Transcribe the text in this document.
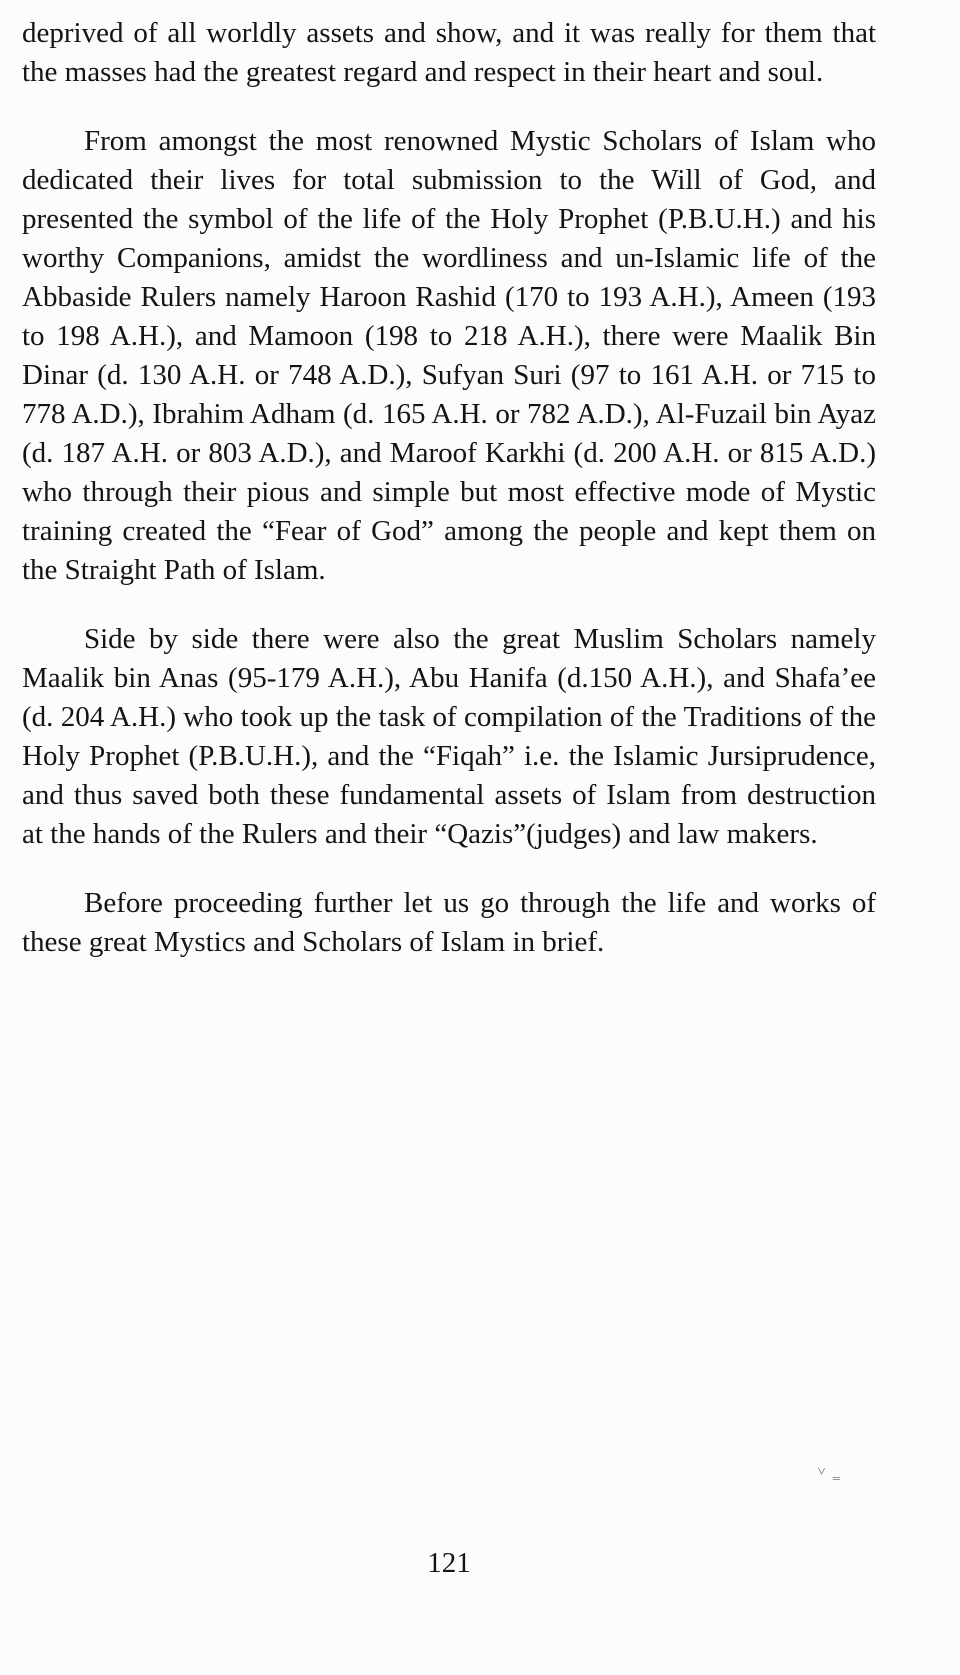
deprived of all worldly assets and show, and it was really for them that the masses had the greatest regard and respect in their heart and soul.

From amongst the most renowned Mystic Scholars of Islam who dedicated their lives for total submission to the Will of God, and presented the symbol of the life of the Holy Prophet (P.B.U.H.) and his worthy Companions, amidst the wordliness and un-Islamic life of the Abbaside Rulers namely Haroon Rashid (170 to 193 A.H.), Ameen (193 to 198 A.H.), and Mamoon (198 to 218 A.H.), there were Maalik Bin Dinar (d. 130 A.H. or 748 A.D.), Sufyan Suri (97 to 161 A.H. or 715 to 778 A.D.), Ibrahim Adham (d. 165 A.H. or 782 A.D.), Al-Fuzail bin Ayaz (d. 187 A.H. or 803 A.D.), and Maroof Karkhi (d. 200 A.H. or 815 A.D.) who through their pious and simple but most effective mode of Mystic training created the “Fear of God” among the people and kept them on the Straight Path of Islam.

Side by side there were also the great Muslim Scholars namely Maalik bin Anas (95-179 A.H.), Abu Hanifa (d.150 A.H.), and Shafa’ee (d. 204 A.H.) who took up the task of compilation of the Traditions of the Holy Prophet (P.B.U.H.), and the “Fiqah” i.e. the Islamic Jursiprudence, and thus saved both these fundamental assets of Islam from destruction at the hands of the Rulers and their “Qazis”(judges) and law makers.

Before proceeding further let us go through the life and works of these great Mystics and Scholars of Islam in brief.

˅ ‗
121
